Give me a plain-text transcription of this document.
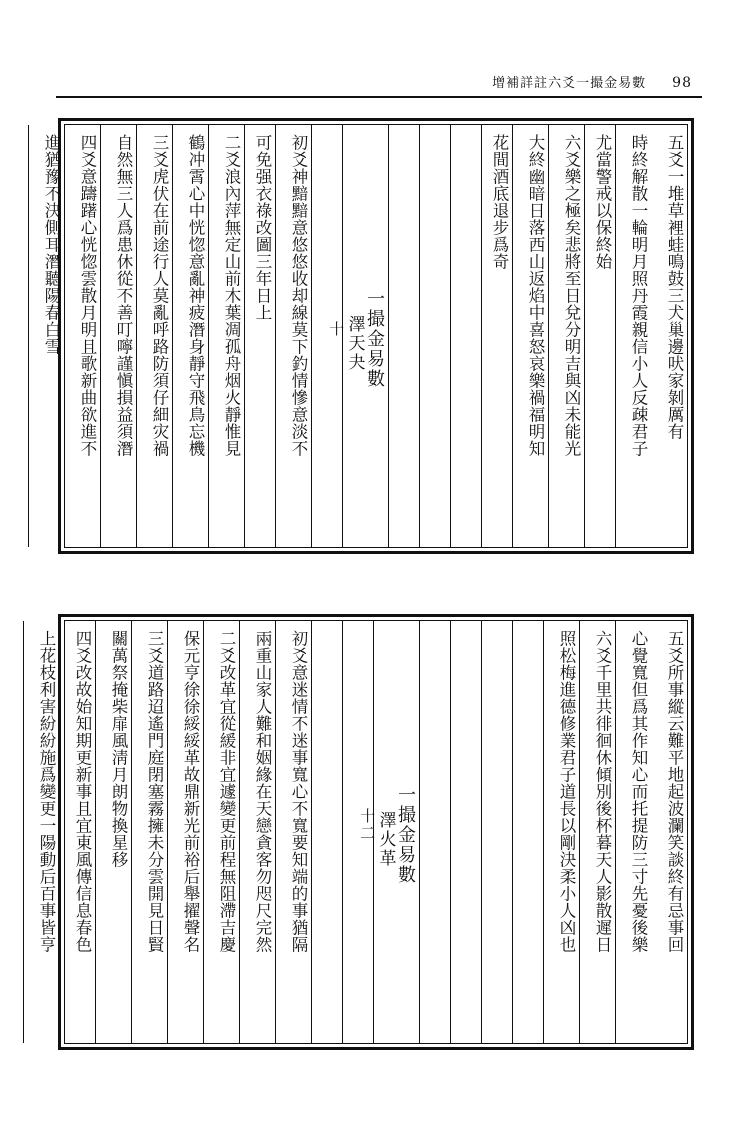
增補詳註六爻一撮金易數 98
五爻一堆草裡蛙鳴鼓三犬巢邊吠家剝厲有
時終解散一輪明月照丹霞親信小人反疎君子
尤當警戒以保終始
六爻樂之極矣悲將至日兌分明吉與凶未能光
大終幽暗日落西山返焰中喜怒哀樂禍福明知
花間酒底退步爲奇
一撮金易數
澤天夬
十
初爻神黯黯意悠悠收却線莫下釣情慘意淡不
可免强衣祿改圖三年日上
二爻浪內萍無定山前木葉凋孤舟烟火靜惟見
鶴冲霄心中恍惚意亂神疲潛身靜守飛鳥忘機
三爻虎伏在前途行人莫亂呼路防須仔細灾禍
自然無三人爲患休從不善叮嚀謹愼損益須潛
四爻意躊躇心恍惚雲散月明且歌新曲欲進不
進猶豫不決側耳潛聽陽春白雪
五爻所事縱云難平地起波瀾笑談終有忌事回
心覺寬但爲其作知心而托提防三寸先憂後樂
六爻千里共徘徊休傾別後杯暮天人影散遲日
照松梅進德修業君子道長以剛決柔小人凶也
一撮金易數
澤火革
十二
初爻意迷情不迷事寬心不寬要知端的事猶隔
兩重山家人難和姻緣在天戀貪客勿咫尺完然
二爻改革宜從緩非宜遽變更前程無阻滯吉慶
保元亨徐徐綏綏革故鼎新光前裕后舉擢聲名
三爻道路迢遙門庭閉塞霧擁未分雲開見日賢
關萬祭掩柴扉風淸月朗物換星移
四爻改故始知期更新事且宜東風傳信息春色
上花枝利害紛紛施爲變更一陽動后百事皆亨
